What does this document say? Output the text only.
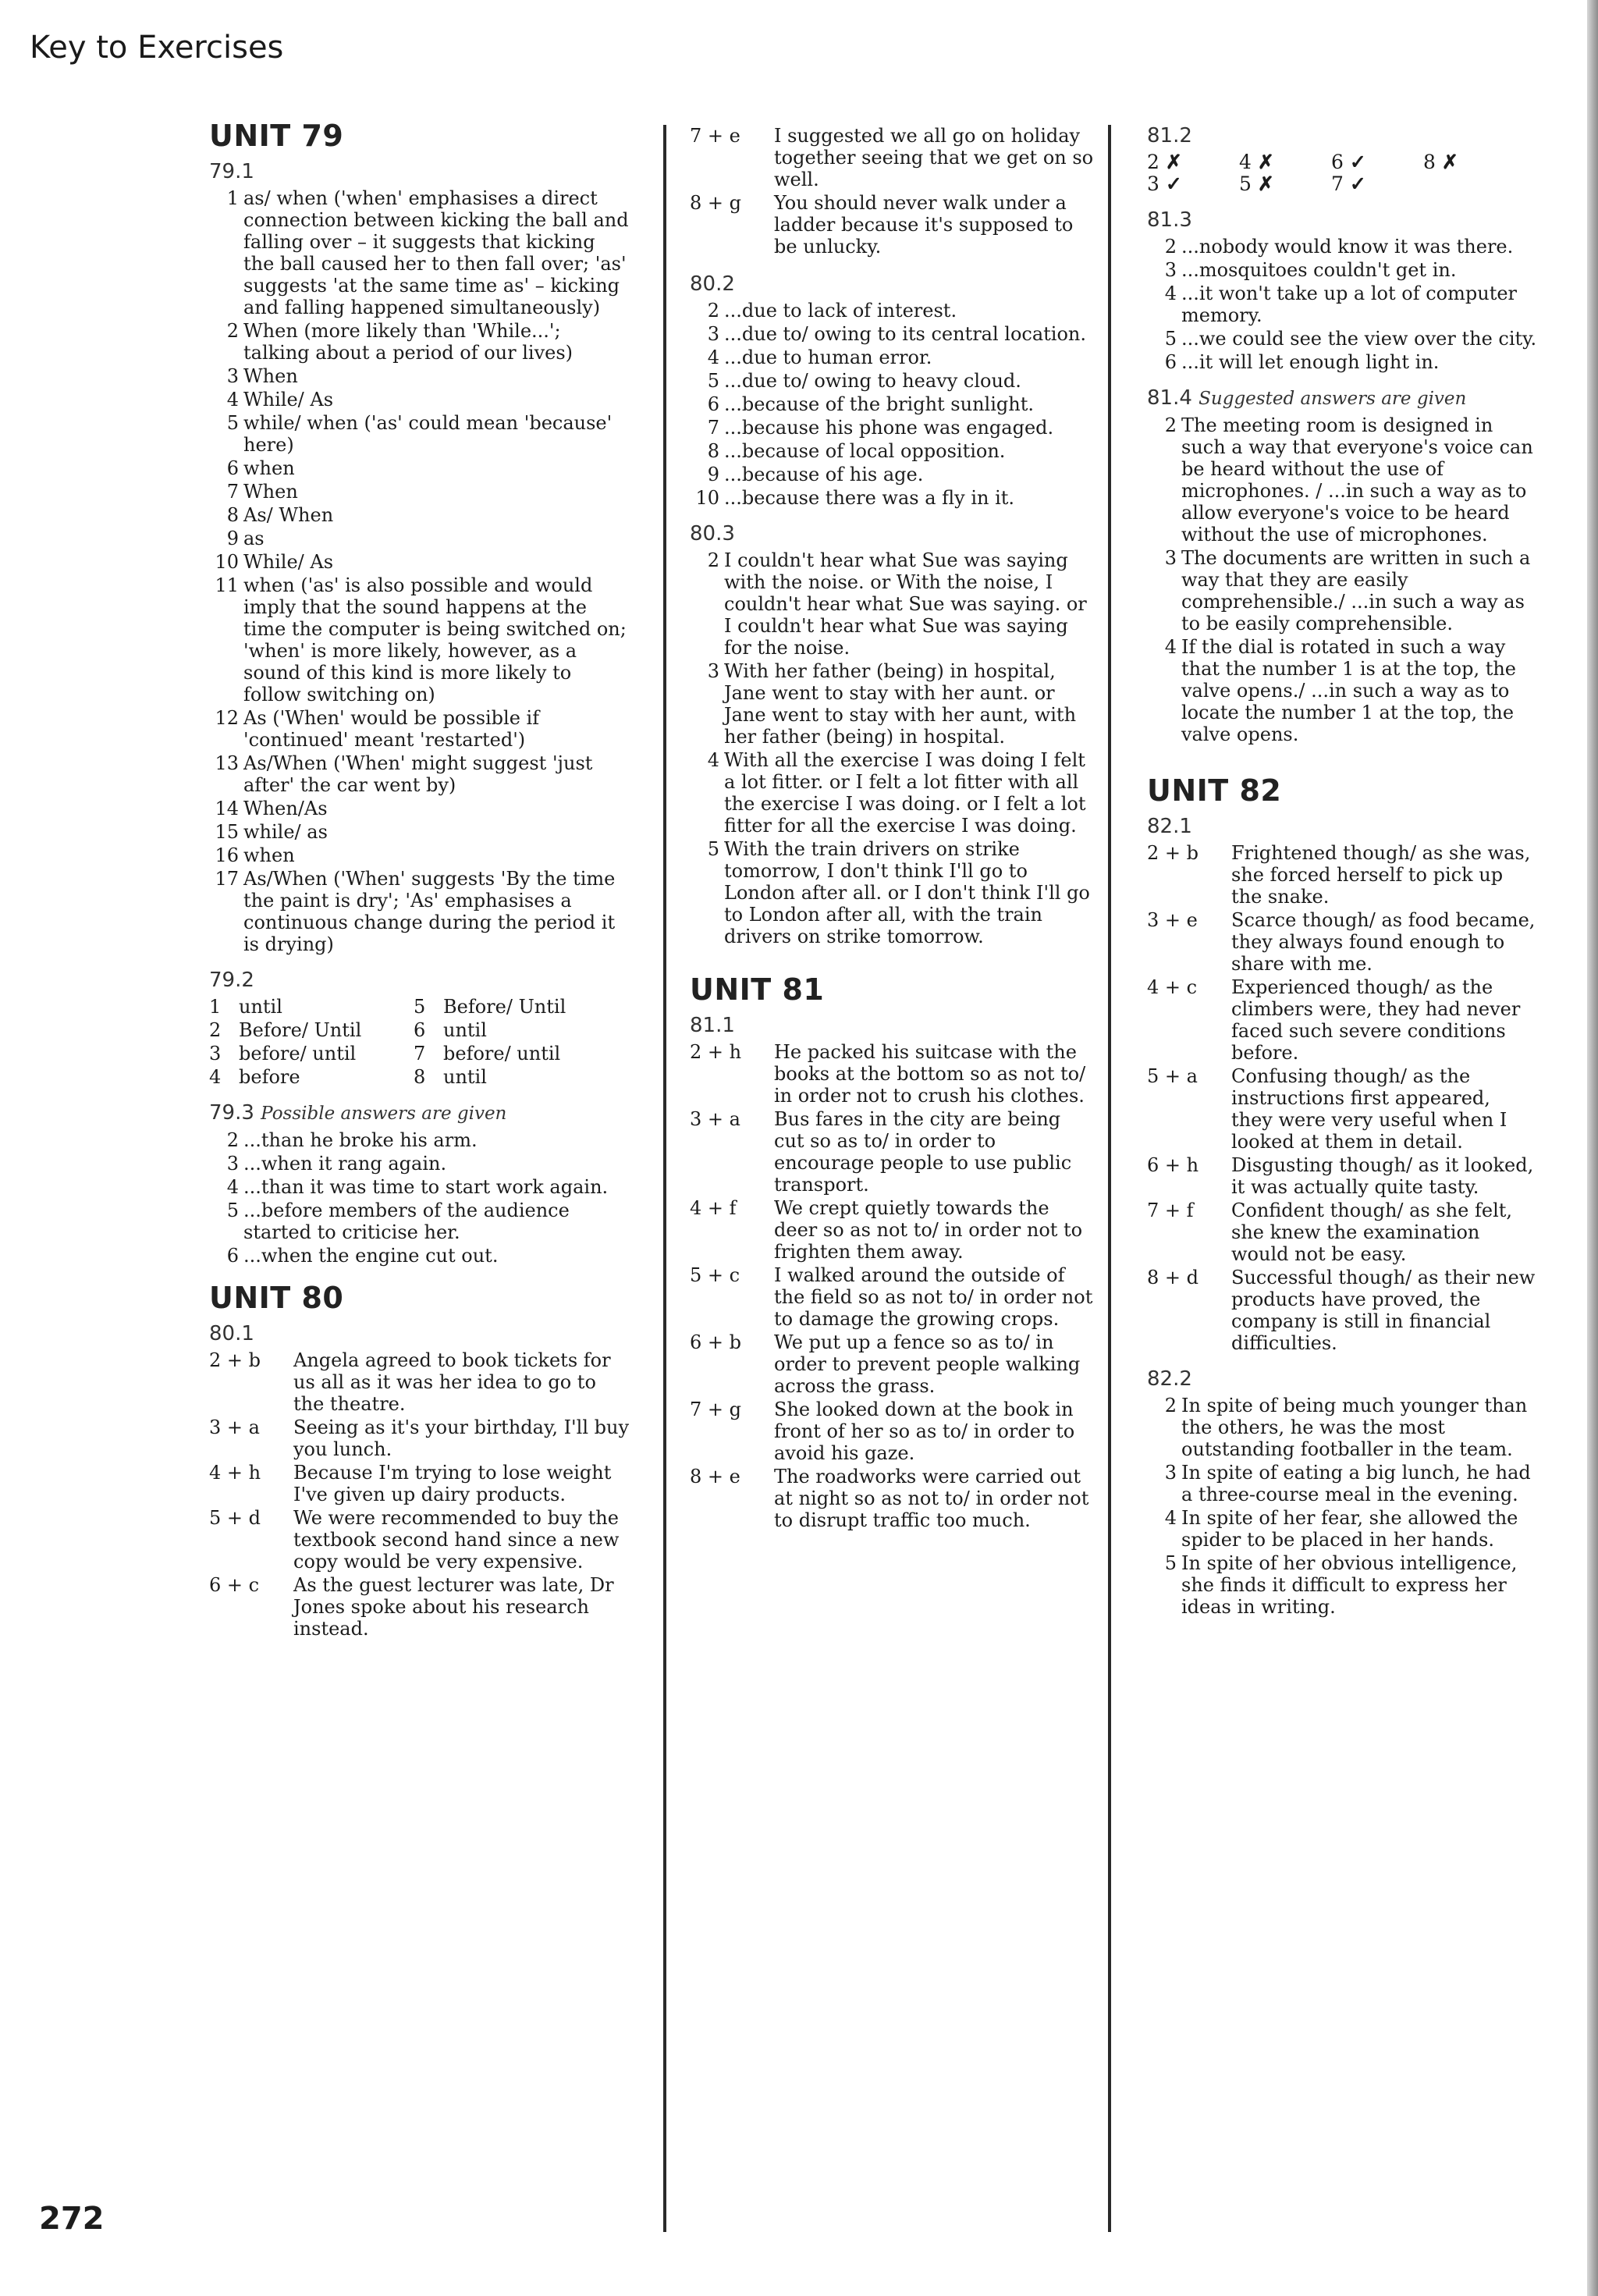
Key to Exercises
UNIT 79
79.1
1 as/ when ('when' emphasises a direct connection between kicking the ball and falling over – it suggests that kicking the ball caused her to then fall over; 'as' suggests 'at the same time as' – kicking and falling happened simultaneously)
2 When (more likely than 'While...'; talking about a period of our lives)
3 When
4 While/ As
5 while/ when ('as' could mean 'because' here)
6 when
7 When
8 As/ When
9 as
10 While/ As
11 when ('as' is also possible and would imply that the sound happens at the time the computer is being switched on; 'when' is more likely, however, as a sound of this kind is more likely to follow switching on)
12 As ('When' would be possible if 'continued' meant 'restarted')
13 As/When ('When' might suggest 'just after' the car went by)
14 When/As
15 while/ as
16 when
17 As/When ('When' suggests 'By the time the paint is dry'; 'As' emphasises a continuous change during the period it is drying)
79.2
1 until	5 Before/ Until
2 Before/ Until	6 until
3 before/ until	7 before/ until
4 before	8 until
79.3 Possible answers are given
2 ...than he broke his arm.
3 ...when it rang again.
4 ...than it was time to start work again.
5 ...before members of the audience started to criticise her.
6 ...when the engine cut out.
UNIT 80
80.1
2 + b	Angela agreed to book tickets for us all as it was her idea to go to the theatre.
3 + a	Seeing as it's your birthday, I'll buy you lunch.
4 + h	Because I'm trying to lose weight I've given up dairy products.
5 + d	We were recommended to buy the textbook second hand since a new copy would be very expensive.
6 + c	As the guest lecturer was late, Dr Jones spoke about his research instead.
7 + e	I suggested we all go on holiday together seeing that we get on so well.
8 + g	You should never walk under a ladder because it's supposed to be unlucky.
80.2
2 ...due to lack of interest.
3 ...due to/ owing to its central location.
4 ...due to human error.
5 ...due to/ owing to heavy cloud.
6 ...because of the bright sunlight.
7 ...because his phone was engaged.
8 ...because of local opposition.
9 ...because of his age.
10 ...because there was a fly in it.
80.3
2 I couldn't hear what Sue was saying with the noise. or With the noise, I couldn't hear what Sue was saying. or I couldn't hear what Sue was saying for the noise.
3 With her father (being) in hospital, Jane went to stay with her aunt. or Jane went to stay with her aunt, with her father (being) in hospital.
4 With all the exercise I was doing I felt a lot fitter. or I felt a lot fitter with all the exercise I was doing. or I felt a lot fitter for all the exercise I was doing.
5 With the train drivers on strike tomorrow, I don't think I'll go to London after all. or I don't think I'll go to London after all, with the train drivers on strike tomorrow.
UNIT 81
81.1
2 + h	He packed his suitcase with the books at the bottom so as not to/ in order not to crush his clothes.
3 + a	Bus fares in the city are being cut so as to/ in order to encourage people to use public transport.
4 + f	We crept quietly towards the deer so as not to/ in order not to frighten them away.
5 + c	I walked around the outside of the field so as not to/ in order not to damage the growing crops.
6 + b	We put up a fence so as to/ in order to prevent people walking across the grass.
7 + g	She looked down at the book in front of her so as to/ in order to avoid his gaze.
8 + e	The roadworks were carried out at night so as not to/ in order not to disrupt traffic too much.
81.2
2 ✗	4 ✗	6 ✓	8 ✗
3 ✓	5 ✗	7 ✓
81.3
2 ...nobody would know it was there.
3 ...mosquitoes couldn't get in.
4 ...it won't take up a lot of computer memory.
5 ...we could see the view over the city.
6 ...it will let enough light in.
81.4 Suggested answers are given
2 The meeting room is designed in such a way that everyone's voice can be heard without the use of microphones. / ...in such a way as to allow everyone's voice to be heard without the use of microphones.
3 The documents are written in such a way that they are easily comprehensible./ ...in such a way as to be easily comprehensible.
4 If the dial is rotated in such a way that the number 1 is at the top, the valve opens./ ...in such a way as to locate the number 1 at the top, the valve opens.
UNIT 82
82.1
2 + b	Frightened though/ as she was, she forced herself to pick up the snake.
3 + e	Scarce though/ as food became, they always found enough to share with me.
4 + c	Experienced though/ as the climbers were, they had never faced such severe conditions before.
5 + a	Confusing though/ as the instructions first appeared, they were very useful when I looked at them in detail.
6 + h	Disgusting though/ as it looked, it was actually quite tasty.
7 + f	Confident though/ as she felt, she knew the examination would not be easy.
8 + d	Successful though/ as their new products have proved, the company is still in financial difficulties.
82.2
2 In spite of being much younger than the others, he was the most outstanding footballer in the team.
3 In spite of eating a big lunch, he had a three-course meal in the evening.
4 In spite of her fear, she allowed the spider to be placed in her hands.
5 In spite of her obvious intelligence, she finds it difficult to express her ideas in writing.
272
